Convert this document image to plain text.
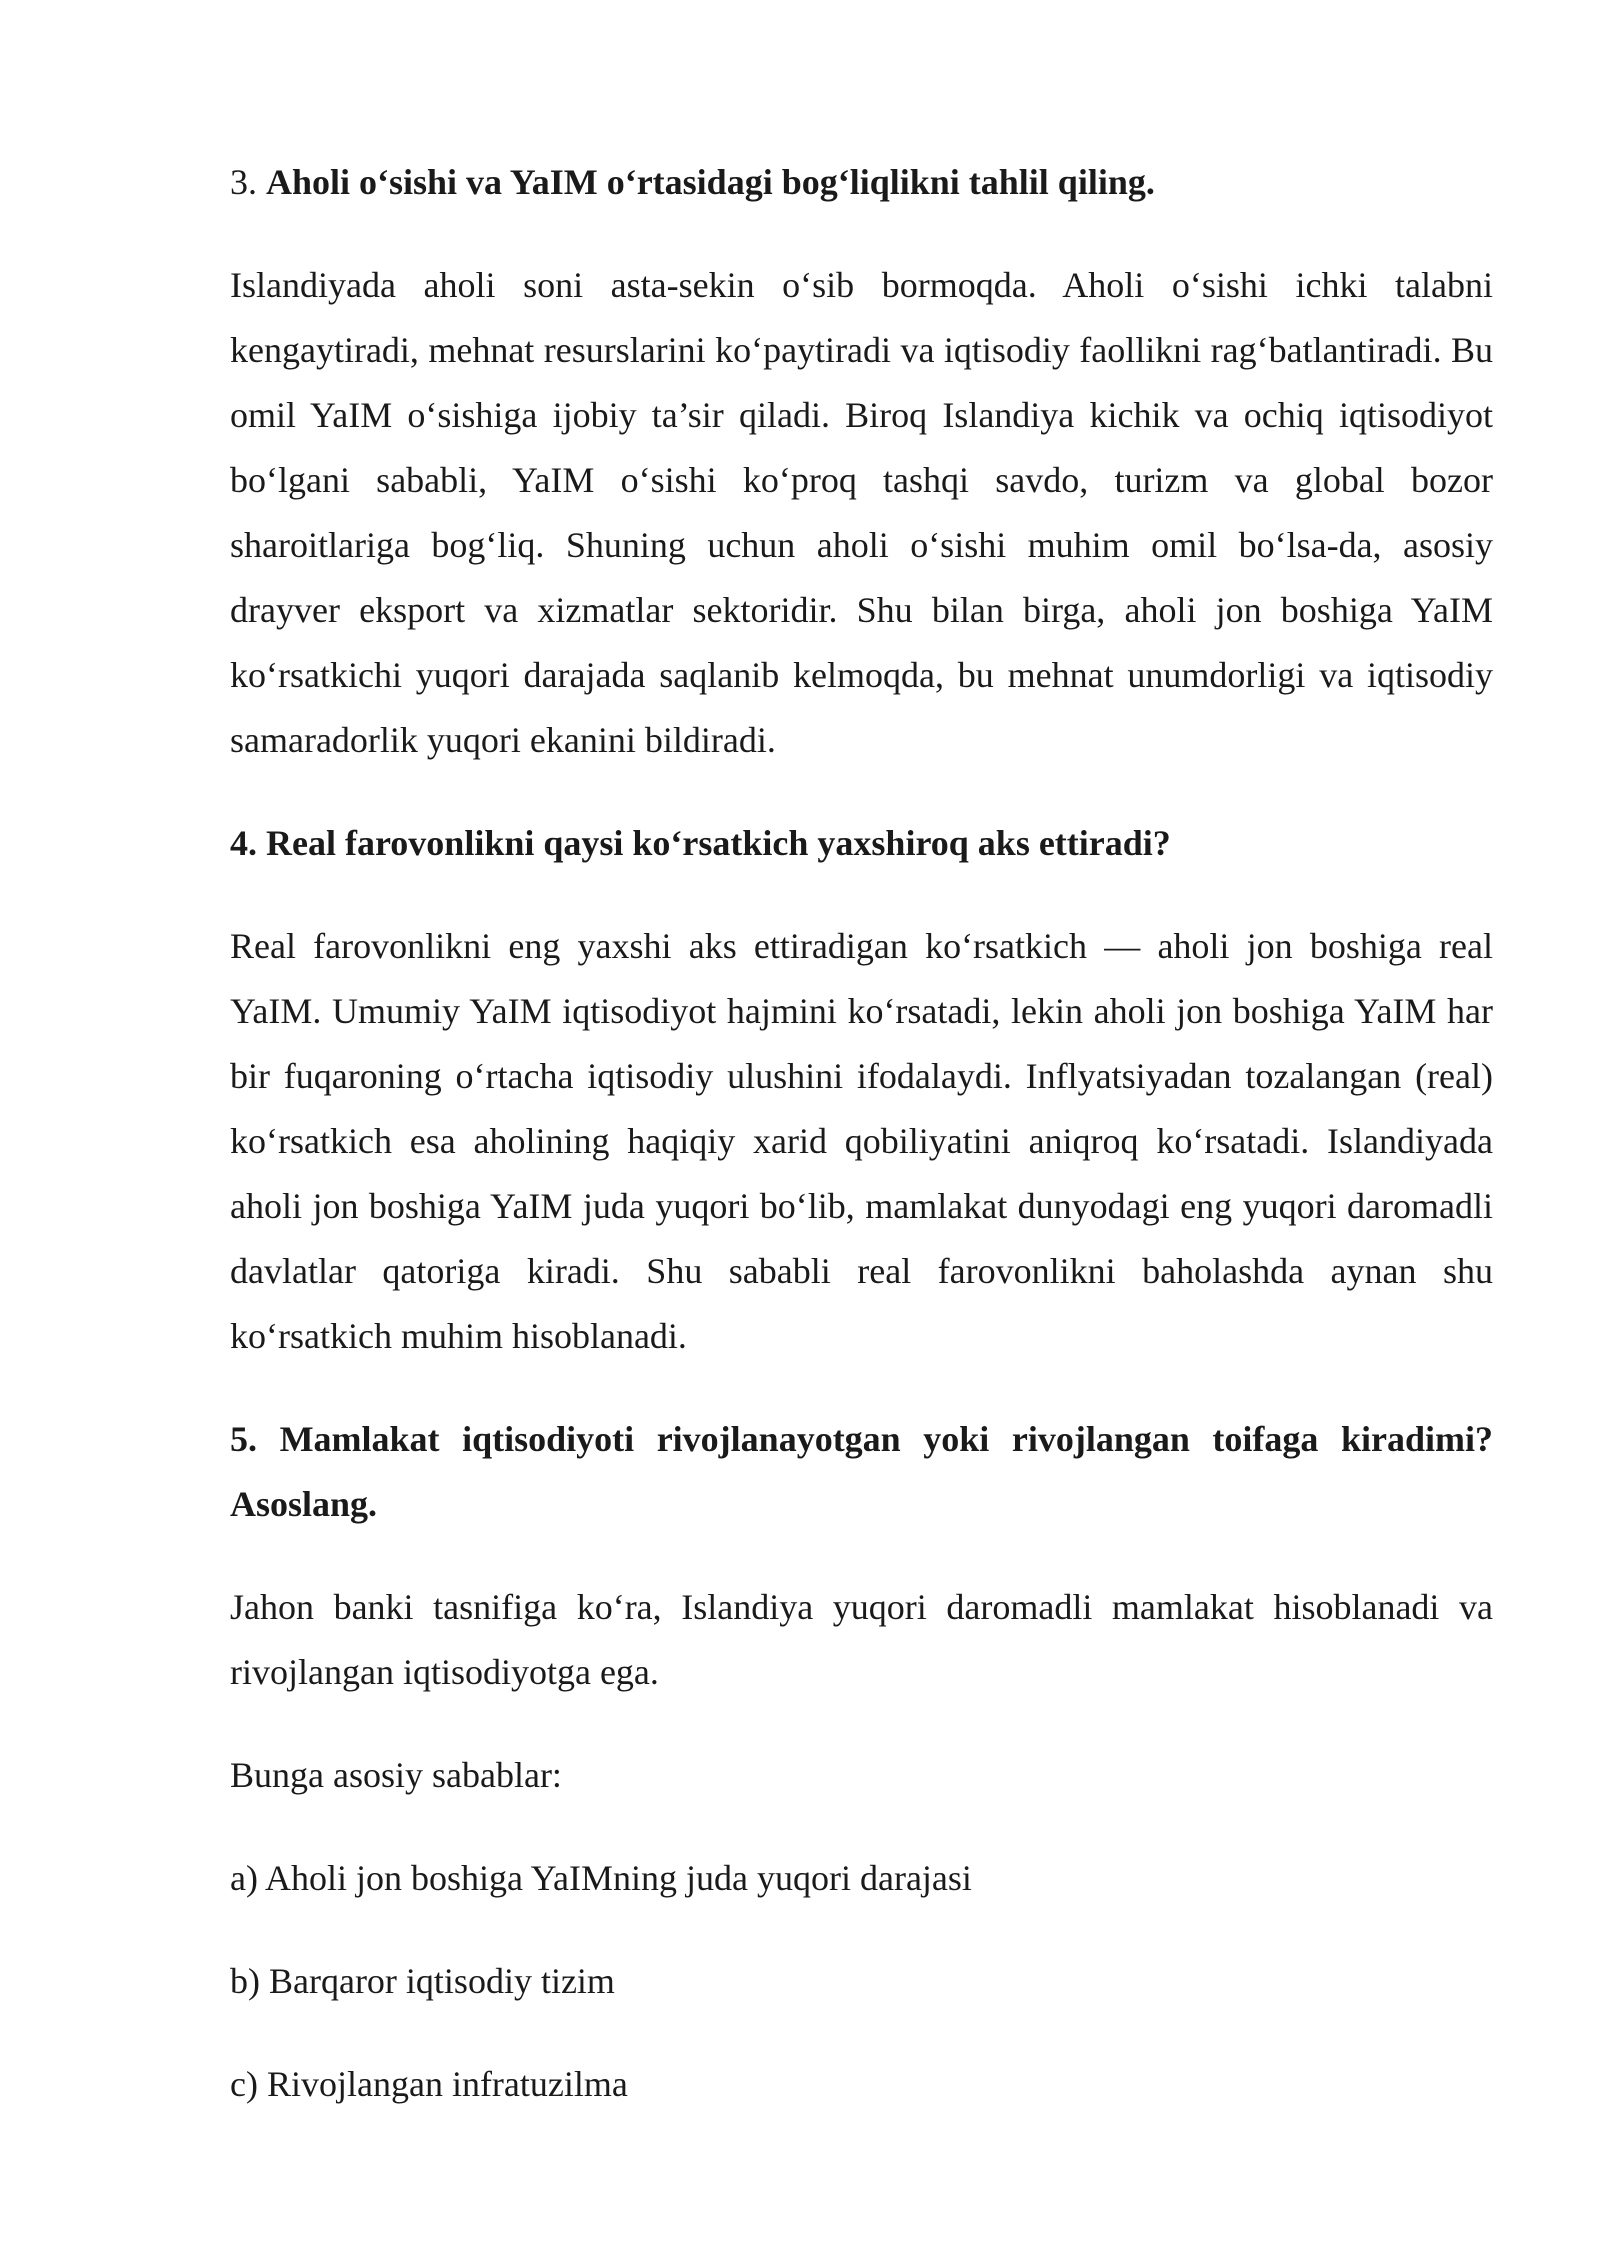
3. Aholi o‘sishi va YaIM o‘rtasidagi bog‘liqlikni tahlil qiling.

Islandiyada aholi soni asta-sekin o‘sib bormoqda. Aholi o‘sishi ichki talabni kengaytiradi, mehnat resurslarini ko‘paytiradi va iqtisodiy faollikni rag‘batlantiradi. Bu omil YaIM o‘sishiga ijobiy ta’sir qiladi. Biroq Islandiya kichik va ochiq iqtisodiyot bo‘lgani sababli, YaIM o‘sishi ko‘proq tashqi savdo, turizm va global bozor sharoitlariga bog‘liq. Shuning uchun aholi o‘sishi muhim omil bo‘lsa-da, asosiy drayver eksport va xizmatlar sektoridir. Shu bilan birga, aholi jon boshiga YaIM ko‘rsatkichi yuqori darajada saqlanib kelmoqda, bu mehnat unumdorligi va iqtisodiy samaradorlik yuqori ekanini bildiradi.

4. Real farovonlikni qaysi ko‘rsatkich yaxshiroq aks ettiradi?

Real farovonlikni eng yaxshi aks ettiradigan ko‘rsatkich — aholi jon boshiga real YaIM. Umumiy YaIM iqtisodiyot hajmini ko‘rsatadi, lekin aholi jon boshiga YaIM har bir fuqaroning o‘rtacha iqtisodiy ulushini ifodalaydi. Inflyatsiyadan tozalangan (real) ko‘rsatkich esa aholining haqiqiy xarid qobiliyatini aniqroq ko‘rsatadi. Islandiyada aholi jon boshiga YaIM juda yuqori bo‘lib, mamlakat dunyodagi eng yuqori daromadli davlatlar qatoriga kiradi. Shu sababli real farovonlikni baholashda aynan shu ko‘rsatkich muhim hisoblanadi.

5. Mamlakat iqtisodiyoti rivojlanayotgan yoki rivojlangan toifaga kiradimi? Asoslang.

Jahon banki tasnifiga ko‘ra, Islandiya yuqori daromadli mamlakat hisoblanadi va rivojlangan iqtisodiyotga ega.

Bunga asosiy sabablar:

a) Aholi jon boshiga YaIMning juda yuqori darajasi

b) Barqaror iqtisodiy tizim

c) Rivojlangan infratuzilma
